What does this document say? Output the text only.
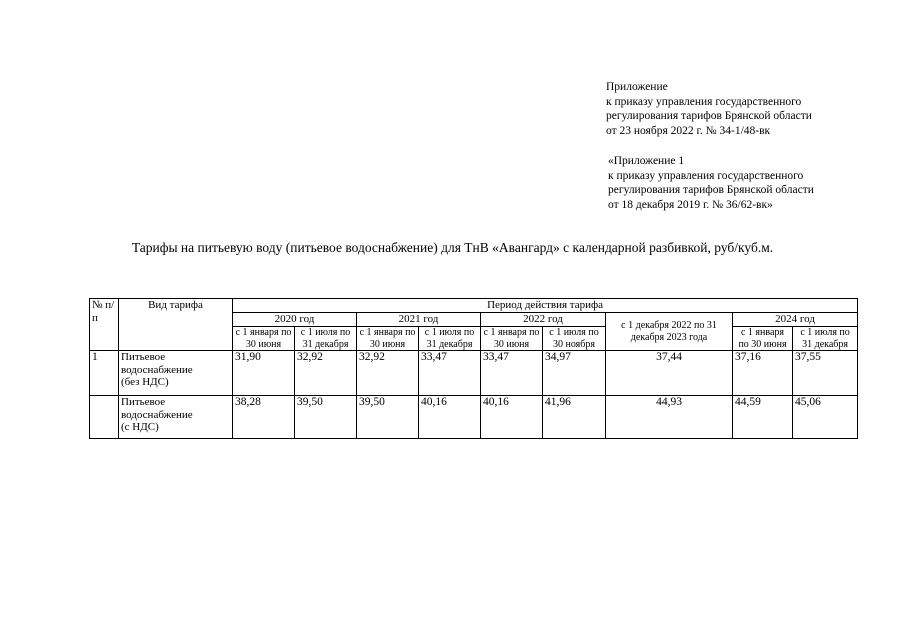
Приложение
к приказу управления государственного
регулирования тарифов Брянской области
от 23 ноября 2022 г. № 34-1/48-вк
«Приложение 1
к приказу управления государственного
регулирования тарифов Брянской области
от 18 декабря 2019 г. № 36/62-вк»
Тарифы на питьевую воду (питьевое водоснабжение) для ТнВ «Авангард» с календарной разбивкой, руб/куб.м.
№ п/п	Вид тарифа	Период действия тарифа								
		2020 год		2021 год		2022 год		с 1 декабря 2022 по 31 декабря 2023 года	2024 год	
		с 1 января по 30 июня	с 1 июля по 31 декабря	с 1 января по 30 июня	с 1 июля по 31 декабря	с 1 января по 30 июня	с 1 июля по 30 ноября		с 1 января по 30 июня	с 1 июля по 31 декабря
1	Питьевое
водоснабжение
(без НДС)	31,90	32,92	32,92	33,47	33,47	34,97	37,44	37,16	37,55

	Питьевое
водоснабжение
(с НДС)	38,28	39,50	39,50	40,16	40,16	41,96	44,93	44,59	45,06
